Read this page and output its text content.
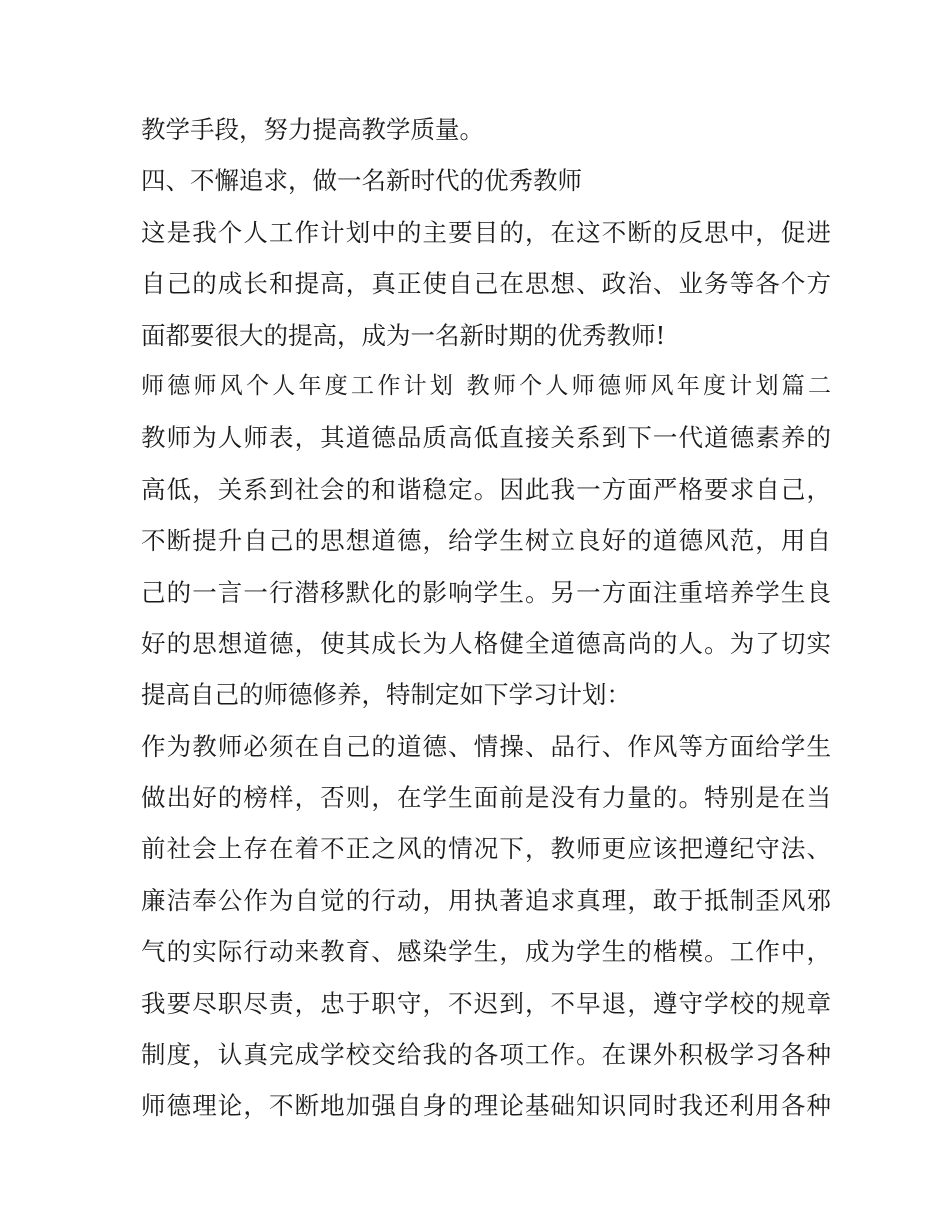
教学手段，努力提高教学质量。
四、不懈追求，做一名新时代的优秀教师
这是我个人工作计划中的主要目的，在这不断的反思中，促进
自己的成长和提高，真正使自己在思想、政治、业务等各个方
面都要很大的提高，成为一名新时期的优秀教师!
师德师风个人年度工作计划 教师个人师德师风年度计划篇二
教师为人师表，其道德品质高低直接关系到下一代道德素养的
高低，关系到社会的和谐稳定。因此我一方面严格要求自己，
不断提升自己的思想道德，给学生树立良好的道德风范，用自
己的一言一行潜移默化的影响学生。另一方面注重培养学生良
好的思想道德，使其成长为人格健全道德高尚的人。为了切实
提高自己的师德修养，特制定如下学习计划：
作为教师必须在自己的道德、情操、品行、作风等方面给学生
做出好的榜样，否则，在学生面前是没有力量的。特别是在当
前社会上存在着不正之风的情况下，教师更应该把遵纪守法、
廉洁奉公作为自觉的行动，用执著追求真理，敢于抵制歪风邪
气的实际行动来教育、感染学生，成为学生的楷模。工作中，
我要尽职尽责，忠于职守，不迟到，不早退，遵守学校的规章
制度，认真完成学校交给我的各项工作。在课外积极学习各种
师德理论，不断地加强自身的理论基础知识同时我还利用各种
